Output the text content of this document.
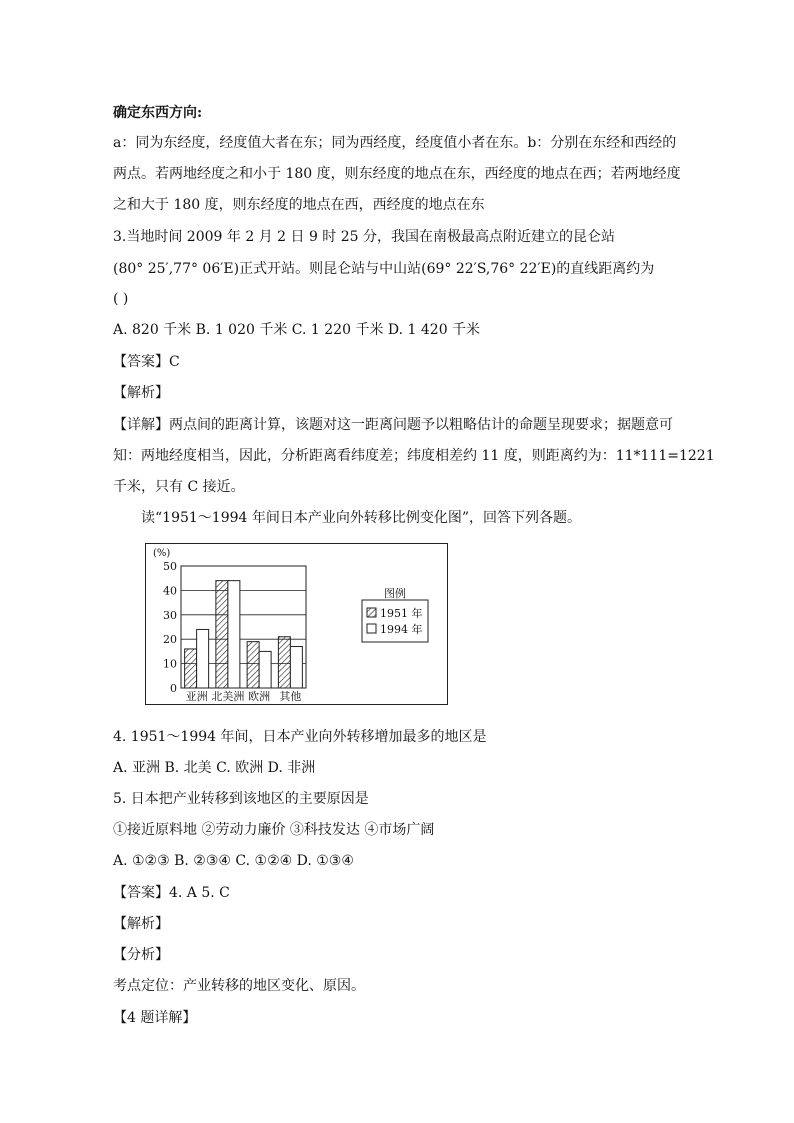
确定东西方向:
a：同为东经度，经度值大者在东；同为西经度，经度值小者在东。b：分别在东经和西经的
两点。若两地经度之和小于 180 度，则东经度的地点在东，西经度的地点在西；若两地经度
之和大于 180 度，则东经度的地点在西，西经度的地点在东
3.当地时间 2009 年 2 月 2 日 9 时 25 分，我国在南极最高点附近建立的昆仑站
(80° 25′,77° 06′E)正式开站。则昆仑站与中山站(69° 22′S,76° 22′E)的直线距离约为
( )
A. 820 千米 B. 1 020 千米 C. 1 220 千米 D. 1 420 千米
【答案】C
【解析】
【详解】两点间的距离计算，该题对这一距离问题予以粗略估计的命题呈现要求；据题意可
知：两地经度相当，因此，分析距离看纬度差；纬度相差约 11 度，则距离约为：11*111=1221
千米，只有 C 接近。
读“1951～1994 年间日本产业向外转移比例变化图”，回答下列各题。
50
40
30
20
10
0
(%)
亚洲 北美洲 欧洲 其他
图例
1951 年
1994 年
4. 1951～1994 年间，日本产业向外转移增加最多的地区是
A. 亚洲 B. 北美 C. 欧洲 D. 非洲
5. 日本把产业转移到该地区的主要原因是
①接近原料地 ②劳动力廉价 ③科技发达 ④市场广阔
A. ①②③ B. ②③④ C. ①②④ D. ①③④
【答案】4. A 5. C
【解析】
【分析】
考点定位：产业转移的地区变化、原因。
【4 题详解】
